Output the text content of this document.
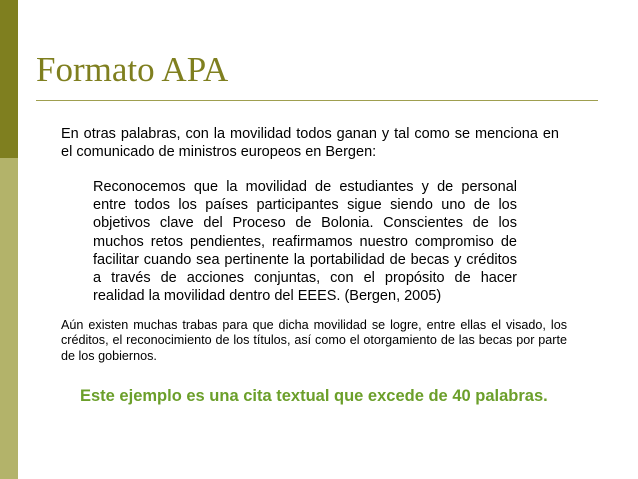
Formato APA
En otras palabras, con la movilidad todos ganan y tal como se menciona en el comunicado de ministros europeos en Bergen:
Reconocemos que la movilidad de estudiantes y de personal entre todos los países participantes sigue siendo uno de los objetivos clave del Proceso de Bolonia. Conscientes de los muchos retos pendientes, reafirmamos nuestro compromiso de facilitar cuando sea pertinente la portabilidad de becas y créditos a través de acciones conjuntas, con el propósito de hacer realidad la movilidad dentro del EEES. (Bergen, 2005)
Aún existen muchas trabas para que dicha movilidad se logre, entre ellas el visado, los créditos, el reconocimiento de los títulos, así como el otorgamiento de las becas por parte de los gobiernos.
Este ejemplo es una cita textual que excede de 40 palabras.
